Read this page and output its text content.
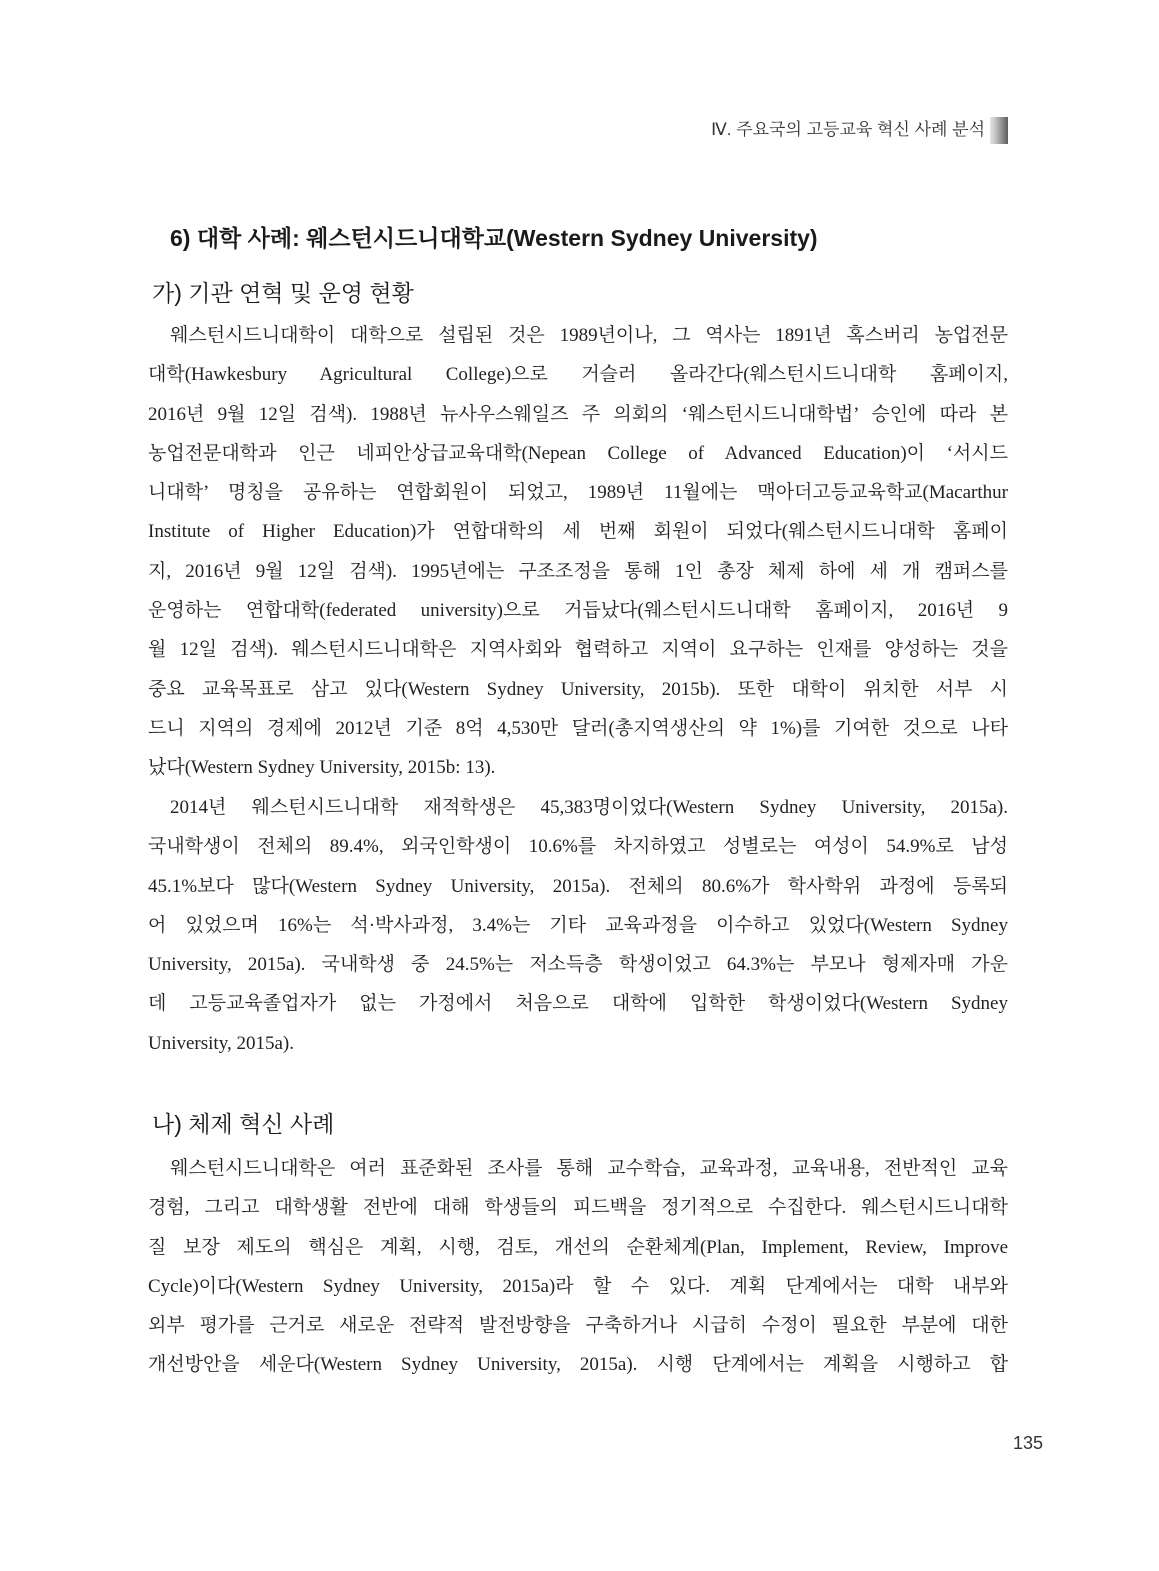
Ⅳ. 주요국의 고등교육 혁신 사례 분석
6) 대학 사례: 웨스턴시드니대학교(Western Sydney University)
가) 기관 연혁 및 운영 현황
웨스턴시드니대학이 대학으로 설립된 것은 1989년이나, 그 역사는 1891년 혹스버리 농업전문
대학(Hawkesbury Agricultural College)으로 거슬러 올라간다(웨스턴시드니대학 홈페이지,
2016년 9월 12일 검색). 1988년 뉴사우스웨일즈 주 의회의 ‘웨스턴시드니대학법’ 승인에 따라 본
농업전문대학과 인근 네피안상급교육대학(Nepean College of Advanced Education)이 ‘서시드
니대학’ 명칭을 공유하는 연합회원이 되었고, 1989년 11월에는 맥아더고등교육학교(Macarthur
Institute of Higher Education)가 연합대학의 세 번째 회원이 되었다(웨스턴시드니대학 홈페이
지, 2016년 9월 12일 검색). 1995년에는 구조조정을 통해 1인 총장 체제 하에 세 개 캠퍼스를
운영하는 연합대학(federated university)으로 거듭났다(웨스턴시드니대학 홈페이지, 2016년 9
월 12일 검색). 웨스턴시드니대학은 지역사회와 협력하고 지역이 요구하는 인재를 양성하는 것을
중요 교육목표로 삼고 있다(Western Sydney University, 2015b). 또한 대학이 위치한 서부 시
드니 지역의 경제에 2012년 기준 8억 4,530만 달러(총지역생산의 약 1%)를 기여한 것으로 나타
났다(Western Sydney University, 2015b: 13).
2014년 웨스턴시드니대학 재적학생은 45,383명이었다(Western Sydney University, 2015a).
국내학생이 전체의 89.4%, 외국인학생이 10.6%를 차지하였고 성별로는 여성이 54.9%로 남성
45.1%보다 많다(Western Sydney University, 2015a). 전체의 80.6%가 학사학위 과정에 등록되
어 있었으며 16%는 석·박사과정, 3.4%는 기타 교육과정을 이수하고 있었다(Western Sydney
University, 2015a). 국내학생 중 24.5%는 저소득층 학생이었고 64.3%는 부모나 형제자매 가운
데 고등교육졸업자가 없는 가정에서 처음으로 대학에 입학한 학생이었다(Western Sydney
University, 2015a).
나) 체제 혁신 사례
웨스턴시드니대학은 여러 표준화된 조사를 통해 교수학습, 교육과정, 교육내용, 전반적인 교육
경험, 그리고 대학생활 전반에 대해 학생들의 피드백을 정기적으로 수집한다. 웨스턴시드니대학
질 보장 제도의 핵심은 계획, 시행, 검토, 개선의 순환체계(Plan, Implement, Review, Improve
Cycle)이다(Western Sydney University, 2015a)라 할 수 있다. 계획 단계에서는 대학 내부와
외부 평가를 근거로 새로운 전략적 발전방향을 구축하거나 시급히 수정이 필요한 부분에 대한
개선방안을 세운다(Western Sydney University, 2015a). 시행 단계에서는 계획을 시행하고 합
135
